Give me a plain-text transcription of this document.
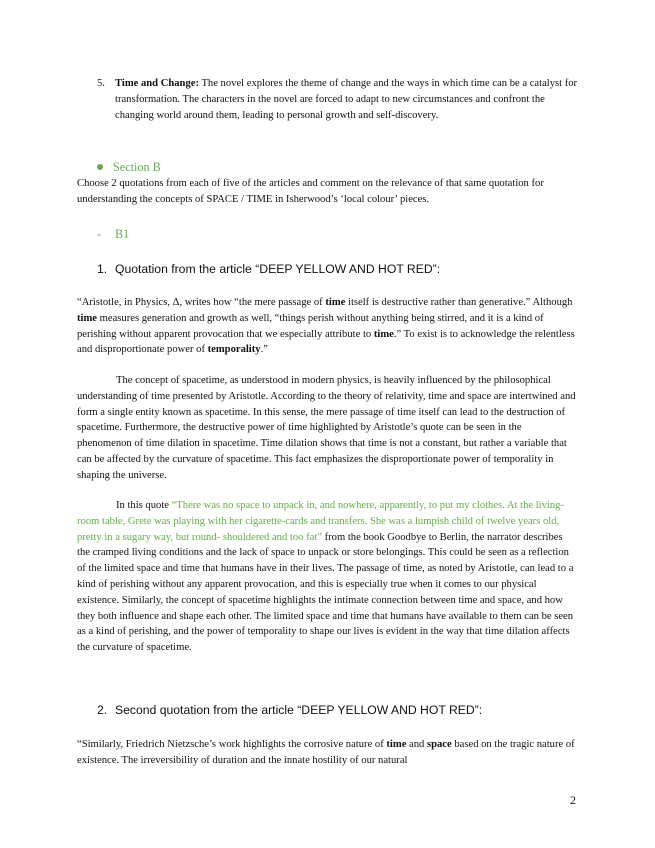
5. Time and Change: The novel explores the theme of change and the ways in which time can be a catalyst for transformation. The characters in the novel are forced to adapt to new circumstances and confront the changing world around them, leading to personal growth and self-discovery.
Section B

Choose 2 quotations from each of five of the articles and comment on the relevance of that same quotation for understanding the concepts of SPACE / TIME in Isherwood’s ‘local colour’ pieces.

- B1
1. Quotation from the article “DEEP YELLOW AND HOT RED”:

“Aristotle, in Physics, Δ, writes how “the mere passage of time itself is destructive rather than generative.” Although time measures generation and growth as well, “things perish without anything being stirred, and it is a kind of perishing without apparent provocation that we especially attribute to time.” To exist is to acknowledge the relentless and disproportionate power of temporality.”

The concept of spacetime, as understood in modern physics, is heavily influenced by the philosophical understanding of time presented by Aristotle. According to the theory of relativity, time and space are intertwined and form a single entity known as spacetime. In this sense, the mere passage of time itself can lead to the destruction of spacetime. Furthermore, the destructive power of time highlighted by Aristotle’s quote can be seen in the phenomenon of time dilation in spacetime. Time dilation shows that time is not a constant, but rather a variable that can be affected by the curvature of spacetime. This fact emphasizes the disproportionate power of temporality in shaping the universe.

In this quote “There was no space to unpack in, and nowhere, apparently, to put my clothes. At the living-room table, Grete was playing with her cigarette-cards and transfers. She was a lumpish child of twelve years old, pretty in a sugary way, but round- shouldered and too fat” from the book Goodbye to Berlin, the narrator describes the cramped living conditions and the lack of space to unpack or store belongings. This could be seen as a reflection of the limited space and time that humans have in their lives. The passage of time, as noted by Aristotle, can lead to a kind of perishing without any apparent provocation, and this is especially true when it comes to our physical existence. Similarly, the concept of spacetime highlights the intimate connection between time and space, and how they both influence and shape each other. The limited space and time that humans have available to them can be seen as a kind of perishing, and the power of temporality to shape our lives is evident in the way that time dilation affects the curvature of spacetime.

2. Second quotation from the article “DEEP YELLOW AND HOT RED”:

“Similarly, Friedrich Nietzsche’s work highlights the corrosive nature of time and space based on the tragic nature of existence. The irreversibility of duration and the innate hostility of our natural

2
